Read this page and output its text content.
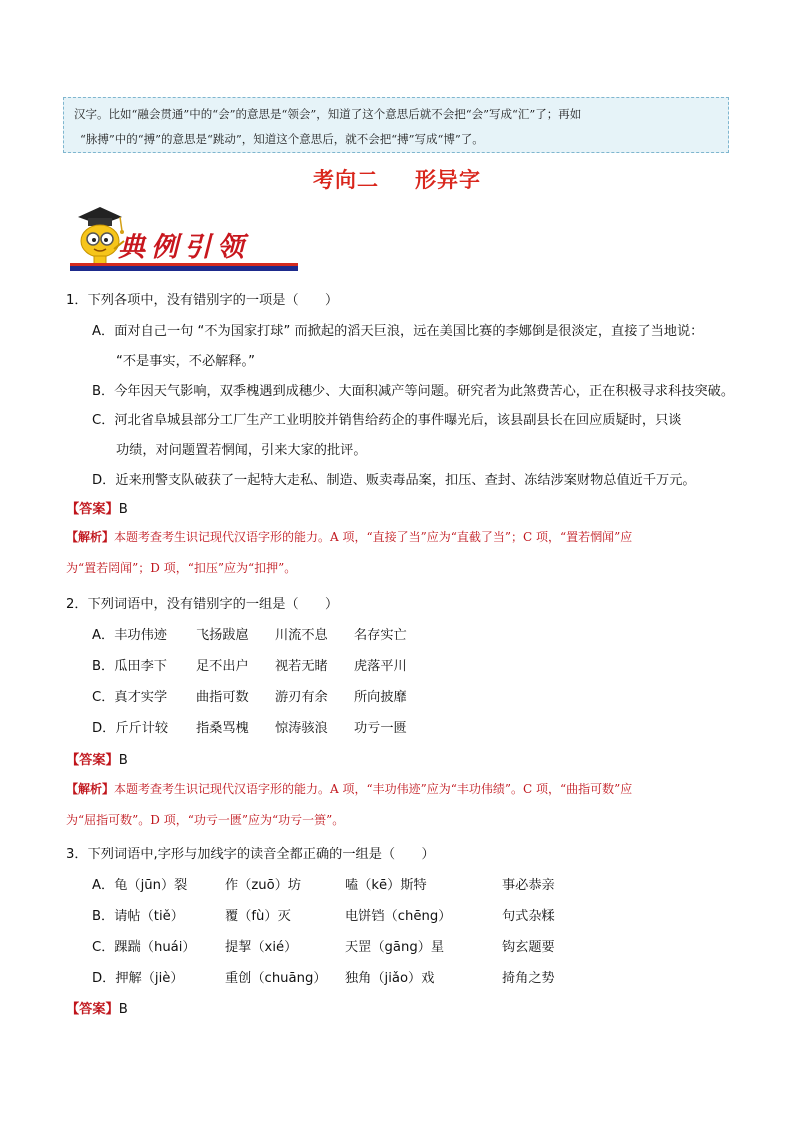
汉字。比如“融会贯通”中的“会”的意思是“领会”，知道了这个意思后就不会把“会”写成“汇”了；再如
“脉搏”中的“搏”的意思是“跳动”，知道这个意思后，就不会把“搏”写成“博”了。
考向二 形异字
典例引领
1．下列各项中，没有错别字的一项是（　　）
A．面对自己一句 “不为国家打球” 而掀起的滔天巨浪，远在美国比赛的李娜倒是很淡定，直接了当地说：
“不是事实，不必解释。”
B．今年因天气影响，双季槐遇到成穗少、大面积减产等问题。研究者为此煞费苦心，正在积极寻求科技突破。
C．河北省阜城县部分工厂生产工业明胶并销售给药企的事件曝光后，该县副县长在回应质疑时，只谈
功绩，对问题置若惘闻，引来大家的批评。
D．近来刑警支队破获了一起特大走私、制造、贩卖毒品案，扣压、查封、冻结涉案财物总值近千万元。
【答案】B
【解析】本题考查考生识记现代汉语字形的能力。A 项，“直接了当”应为“直截了当”；C 项，“置若惘闻”应
为“置若罔闻”；D 项，“扣压”应为“扣押”。
2．下列词语中，没有错别字的一组是（　　）
A．丰功伟迹 飞扬跋扈 川流不息 名存实亡
B．瓜田李下 足不出户 视若无睹 虎落平川
C．真才实学 曲指可数 游刃有余 所向披靡
D．斤斤计较 指桑骂槐 惊涛骇浪 功亏一匮
【答案】B
【解析】本题考查考生识记现代汉语字形的能力。A 项，“丰功伟迹”应为“丰功伟绩”。C 项，“曲指可数”应
为“屈指可数”。D 项，“功亏一匮”应为“功亏一篑”。
3．下列词语中,字形与加线字的读音全都正确的一组是（　　）
A．龟（jūn）裂	作（zuō）坊	嗑（kē）斯特	事必恭亲
B．请帖（tiě）	覆（fù）灭	电饼铛（chēng）	句式杂糅
C．踝踹（huái） 提挈（xié）	天罡（gāng）星	钩玄题要
D．押解（jiè）	重创（chuāng） 独角（jiǎo）戏	掎角之势
【答案】B
